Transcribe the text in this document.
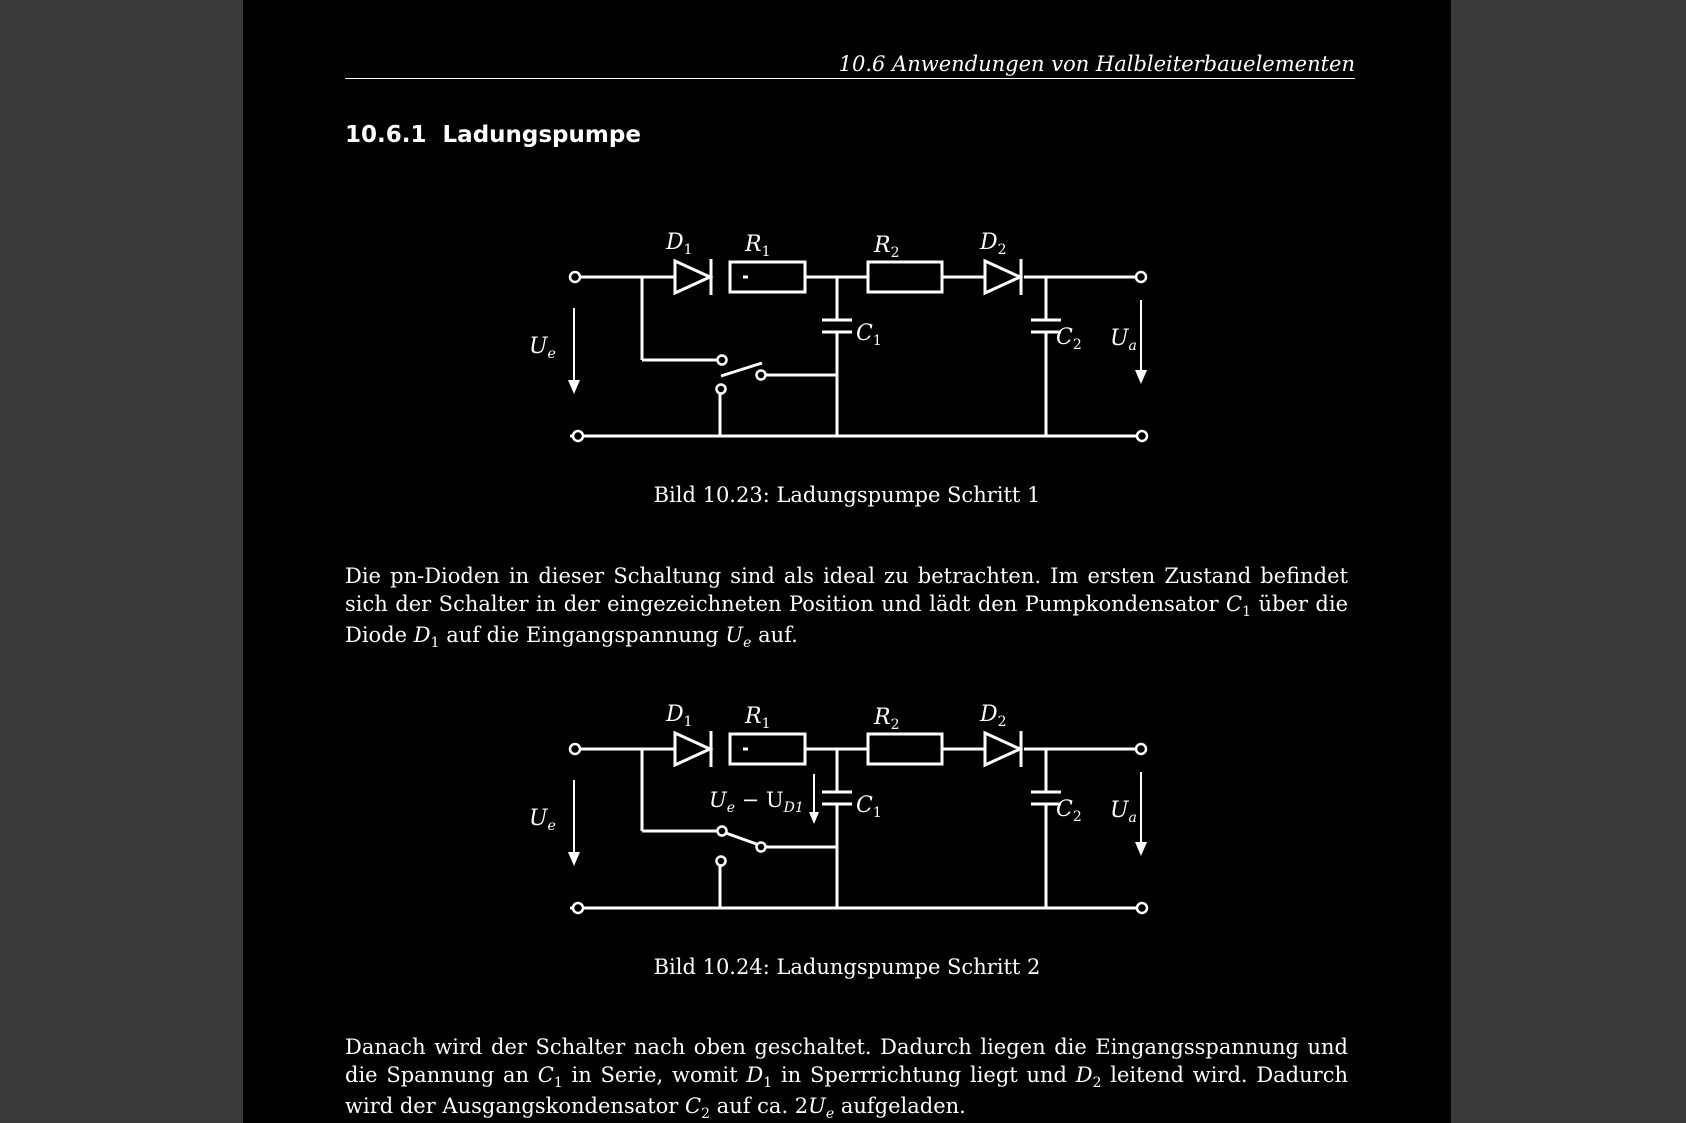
10.6 Anwendungen von Halbleiterbauelementen
10.6.1 Ladungspumpe
$D_1$ $R_1$	$R_2$	$D_2$
$C_1$	$C_2$
$U_e$
$U_a$
Bild 10.23: Ladungspumpe Schritt 1

Die pn-Dioden in dieser Schaltung sind als ideal zu betrachten. Im ersten Zustand befindet sich der Schalter in der eingezeichneten Position und lädt den Pumpkondensator $C_1$ über die Diode $D_1$ auf die Eingangspannung $U_e$ auf.

$D_1$ $R_1$	$R_2$	$D_2$
$C_1$	$C_2$
$U_e$
$U_a$
$U_e - U_{D1}$
Bild 10.24: Ladungspumpe Schritt 2

Danach wird der Schalter nach oben geschaltet. Dadurch liegen die Eingangsspannung und die Spannung an $C_1$ in Serie, womit $D_1$ in Sperrrichtung liegt und $D_2$ leitend wird. Dadurch wird der Ausgangskondensator $C_2$ auf ca. $2U_e$ aufgeladen.
